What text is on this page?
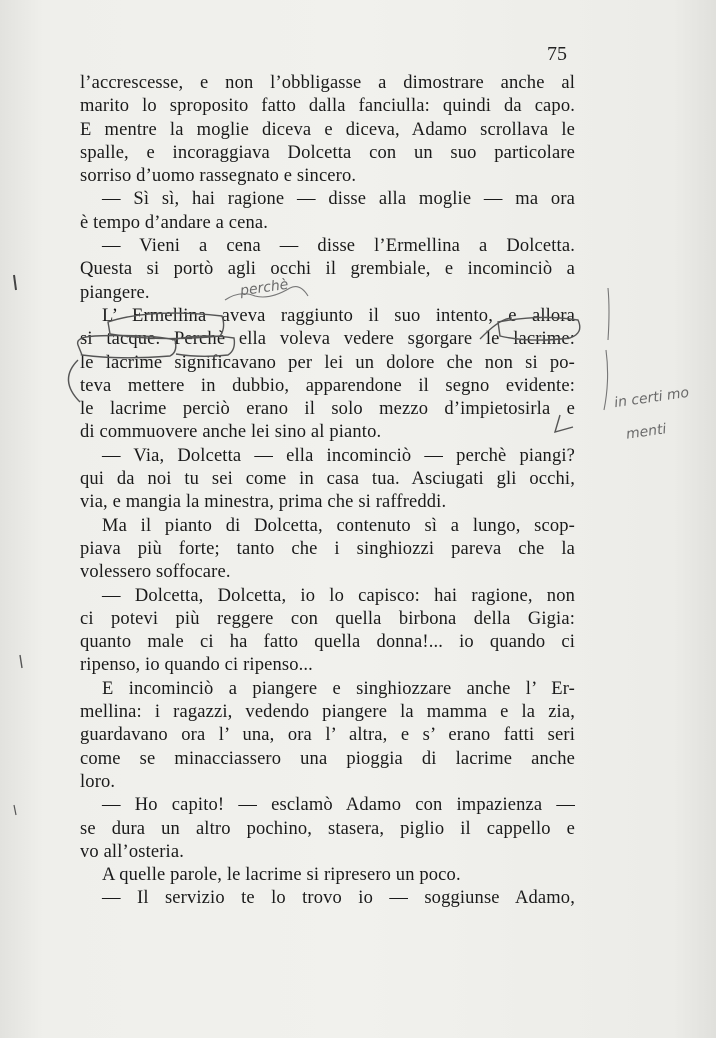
75
l’accrescesse, e non l’obbligasse a dimostrare anche al
marito lo sproposito fatto dalla fanciulla: quindi da capo.
E mentre la moglie diceva e diceva, Adamo scrollava le
spalle, e incoraggiava Dolcetta con un suo particolare
sorriso d’uomo rassegnato e sincero.
— Sì sì, hai ragione — disse alla moglie — ma ora
è tempo d’andare a cena.
— Vieni a cena — disse l’Ermellina a Dolcetta.
Questa si portò agli occhi il grembiale, e incominciò a
piangere.
L’ Ermellina aveva raggiunto il suo intento, e allora
si tacque. Perchè ella voleva vedere sgorgare le lacrime:
le lacrime significavano per lei un dolore che non si po-
teva mettere in dubbio, apparendone il segno evidente:
le lacrime perciò erano il solo mezzo d’impietosirla e
di commuovere anche lei sino al pianto.
— Via, Dolcetta — ella incominciò — perchè piangi?
qui da noi tu sei come in casa tua. Asciugati gli occhi,
via, e mangia la minestra, prima che si raffreddi.
Ma il pianto di Dolcetta, contenuto sì a lungo, scop-
piava più forte; tanto che i singhiozzi pareva che la
volessero soffocare.
— Dolcetta, Dolcetta, io lo capisco: hai ragione, non
ci potevi più reggere con quella birbona della Gigia:
quanto male ci ha fatto quella donna!... io quando ci
ripenso, io quando ci ripenso...
E incominciò a piangere e singhiozzare anche l’ Er-
mellina: i ragazzi, vedendo piangere la mamma e la zia,
guardavano ora l’ una, ora l’ altra, e s’ erano fatti seri
come se minacciassero una pioggia di lacrime anche
loro.
— Ho capito! — esclamò Adamo con impazienza —
se dura un altro pochino, stasera, piglio il cappello e
vo all’osteria.
A quelle parole, le lacrime si ripresero un poco.
— Il servizio te lo trovo io — soggiunse Adamo,
perchè
in certi mo
menti
